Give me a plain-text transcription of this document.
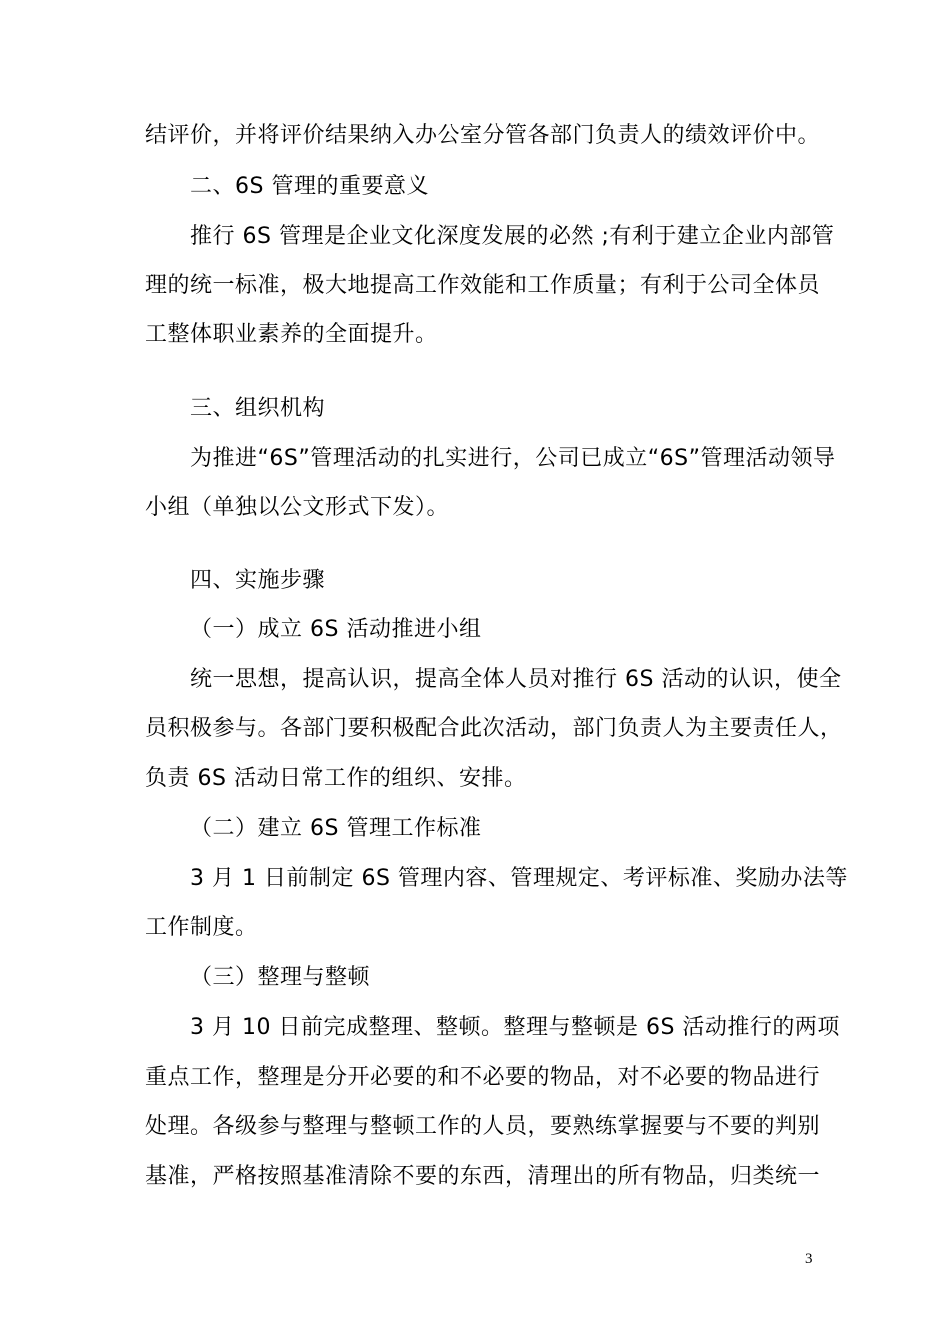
结评价，并将评价结果纳入办公室分管各部门负责人的绩效评价中。
二、6S 管理的重要意义
推行 6S 管理是企业文化深度发展的必然 ;有利于建立企业内部管
理的统一标准，极大地提高工作效能和工作质量；有利于公司全体员
工整体职业素养的全面提升。
三、组织机构
为推进“6S”管理活动的扎实进行，公司已成立“6S”管理活动领导
小组（单独以公文形式下发）。
四、实施步骤
（一）成立 6S 活动推进小组
统一思想，提高认识，提高全体人员对推行 6S 活动的认识，使全
员积极参与。各部门要积极配合此次活动，部门负责人为主要责任人，
负责 6S 活动日常工作的组织、安排。
（二）建立 6S 管理工作标准
3 月 1 日前制定 6S 管理内容、管理规定、考评标准、奖励办法等
工作制度。
（三）整理与整顿
3 月 10 日前完成整理、整顿。整理与整顿是 6S 活动推行的两项
重点工作，整理是分开必要的和不必要的物品，对不必要的物品进行
处理。各级参与整理与整顿工作的人员，要熟练掌握要与不要的判别
基准，严格按照基准清除不要的东西，清理出的所有物品，归类统一
3
